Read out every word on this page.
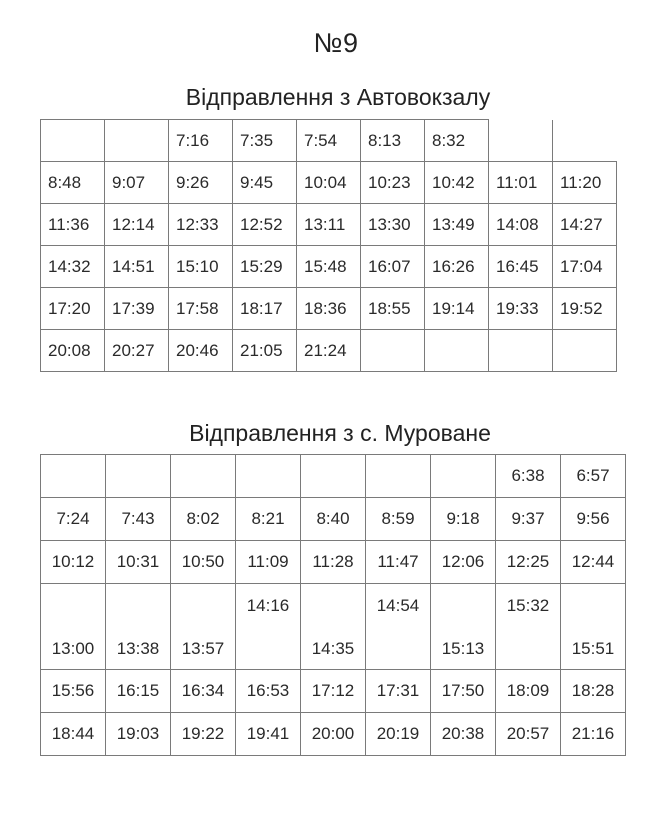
№9
Відправлення з Автовокзалу
		7:16	7:35	7:54	8:13	8:32		
8:48	9:07	9:26	9:45	10:04	10:23	10:42	11:01	11:20
11:36	12:14	12:33	12:52	13:11	13:30	13:49	14:08	14:27
14:32	14:51	15:10	15:29	15:48	16:07	16:26	16:45	17:04
17:20	17:39	17:58	18:17	18:36	18:55	19:14	19:33	19:52
20:08	20:27	20:46	21:05	21:24				
Відправлення з с. Муроване
							6:38	6:57
7:24	7:43	8:02	8:21	8:40	8:59	9:18	9:37	9:56
10:12	10:31	10:50	11:09	11:28	11:47	12:06	12:25	12:44

13:00	13:38	13:57	14:16	14:35	14:54	15:13	15:32	15:51

15:56	16:15	16:34	16:53	17:12	17:31	17:50	18:09	18:28
18:44	19:03	19:22	19:41	20:00	20:19	20:38	20:57	21:16
